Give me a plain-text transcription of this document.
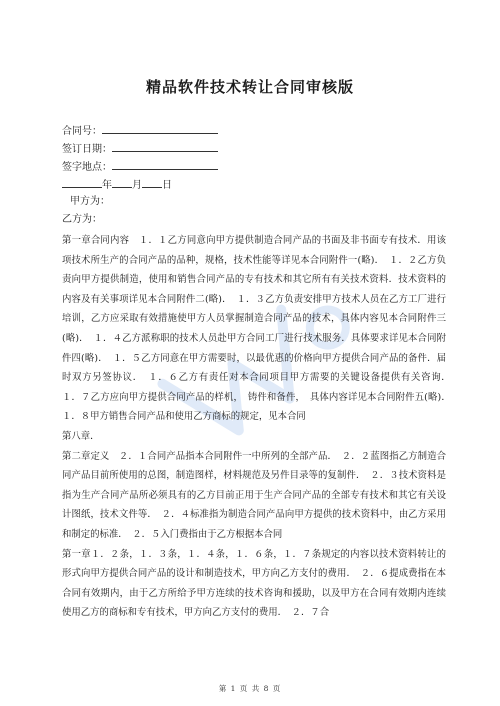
精品软件技术转让合同审核版
合同号：
签订日期：
签字地点：
年 月 日
甲方为：
乙方为：

第一章合同内容　１．１乙方同意向甲方提供制造合同产品的书面及非书面专有技术．用该项技术所生产的合同产品的品种，规格，技术性能等详见本合同附件一(略)．　１．２乙方负责向甲方提供制造，使用和销售合同产品的专有技术和其它所有有关技术资料．技术资料的内容及有关事项详见本合同附件二(略)．　１．３乙方负责安排甲方技术人员在乙方工厂进行培训，乙方应采取有效措施使甲方人员掌握制造合同产品的技术，具体内容见本合同附件三(略)．　１．４乙方派称职的技术人员赴甲方合同工厂进行技术服务．具体要求详见本合同附件四(略)．　１．５乙方同意在甲方需要时，以最优惠的价格向甲方提供合同产品的备件．届时双方另签协议．　１．６乙方有责任对本合同项目甲方需要的关键设备提供有关咨询．　１．７乙方应向甲方提供合同产品的样机，　铸件和备件，　具体内容详见本合同附件五(略)．　１．８甲方销售合同产品和使用乙方商标的规定，见本合同

第八章．

第二章定义　２．１合同产品指本合同附件一中所列的全部产品．　２．２蓝图指乙方制造合同产品目前所使用的总图，制造图样，材料规范及另件目录等的复制件．　２．３技术资料是指为生产合同产品所必须具有的乙方目前正用于生产合同产品的全部专有技术和其它有关设计图纸，技术文件等．　２．４标准指为制造合同产品向甲方提供的技术资料中，由乙方采用和制定的标准．　２．５入门费指由于乙方根据本合同

第一章１．２条，１．３条，１．４条，１．６条，１．７条规定的内容以技术资料转让的形式向甲方提供合同产品的设计和制造技术，甲方向乙方支付的费用．　２．６提成费指在本合同有效期内，由于乙方所给予甲方连续的技术咨询和援助，以及甲方在合同有效期内连续使用乙方的商标和专有技术，甲方向乙方支付的费用．　２．７合

第 1 页 共 8 页
